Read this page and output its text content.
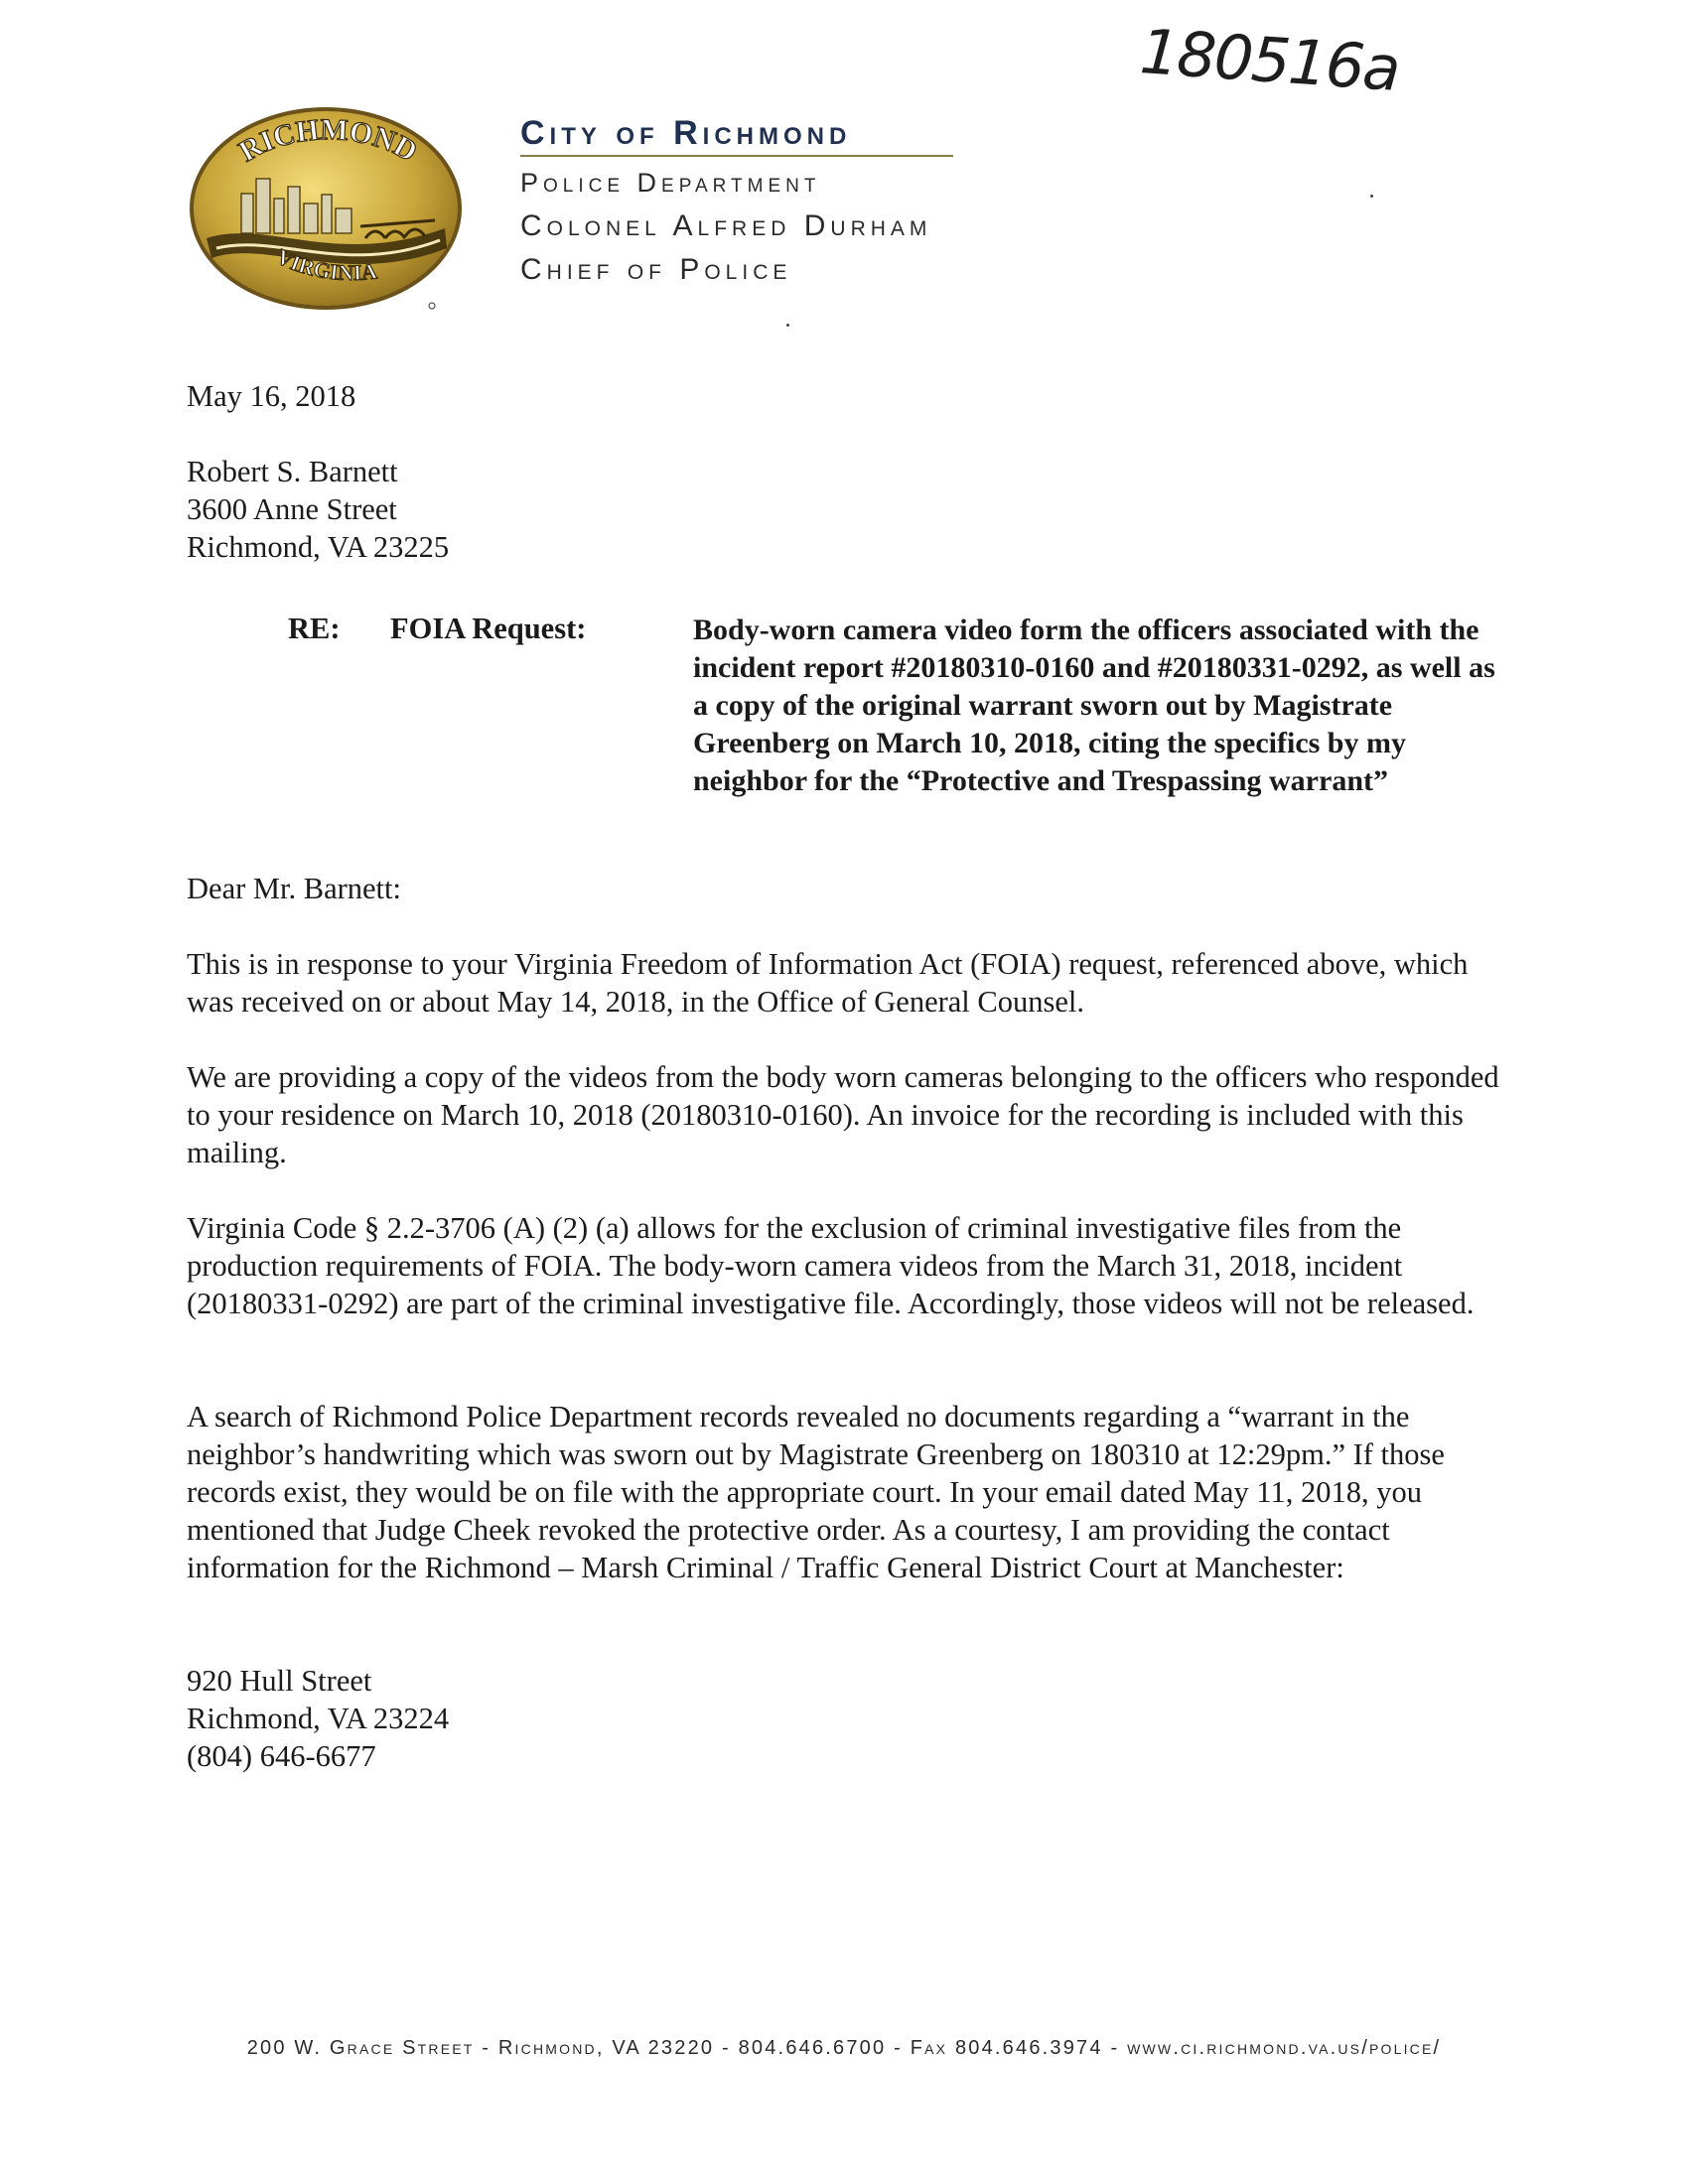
180516a
RICHMOND
VIRGINIA
City of Richmond
Police Department
Colonel Alfred Durham
Chief of Police
May 16, 2018
Robert S. Barnett
3600 Anne Street
Richmond, VA 23225
RE: FOIA Request:	Body-worn camera video form the officers associated with the incident report #20180310-0160 and #20180331-0292, as well as a copy of the original warrant sworn out by Magistrate Greenberg on March 10, 2018, citing the specifics by my neighbor for the “Protective and Trespassing warrant”
Dear Mr. Barnett:
This is in response to your Virginia Freedom of Information Act (FOIA) request, referenced above, which was received on or about May 14, 2018, in the Office of General Counsel.
We are providing a copy of the videos from the body worn cameras belonging to the officers who responded to your residence on March 10, 2018 (20180310-0160). An invoice for the recording is included with this mailing.
Virginia Code § 2.2-3706 (A) (2) (a) allows for the exclusion of criminal investigative files from the production requirements of FOIA. The body-worn camera videos from the March 31, 2018, incident (20180331-0292) are part of the criminal investigative file. Accordingly, those videos will not be released.
A search of Richmond Police Department records revealed no documents regarding a “warrant in the neighbor’s handwriting which was sworn out by Magistrate Greenberg on 180310 at 12:29pm.” If those records exist, they would be on file with the appropriate court. In your email dated May 11, 2018, you mentioned that Judge Cheek revoked the protective order. As a courtesy, I am providing the contact information for the Richmond – Marsh Criminal / Traffic General District Court at Manchester:
920 Hull Street
Richmond, VA 23224
(804) 646-6677
200 W. Grace Street - Richmond, VA 23220 - 804.646.6700 - Fax 804.646.3974 - www.ci.richmond.va.us/police/
